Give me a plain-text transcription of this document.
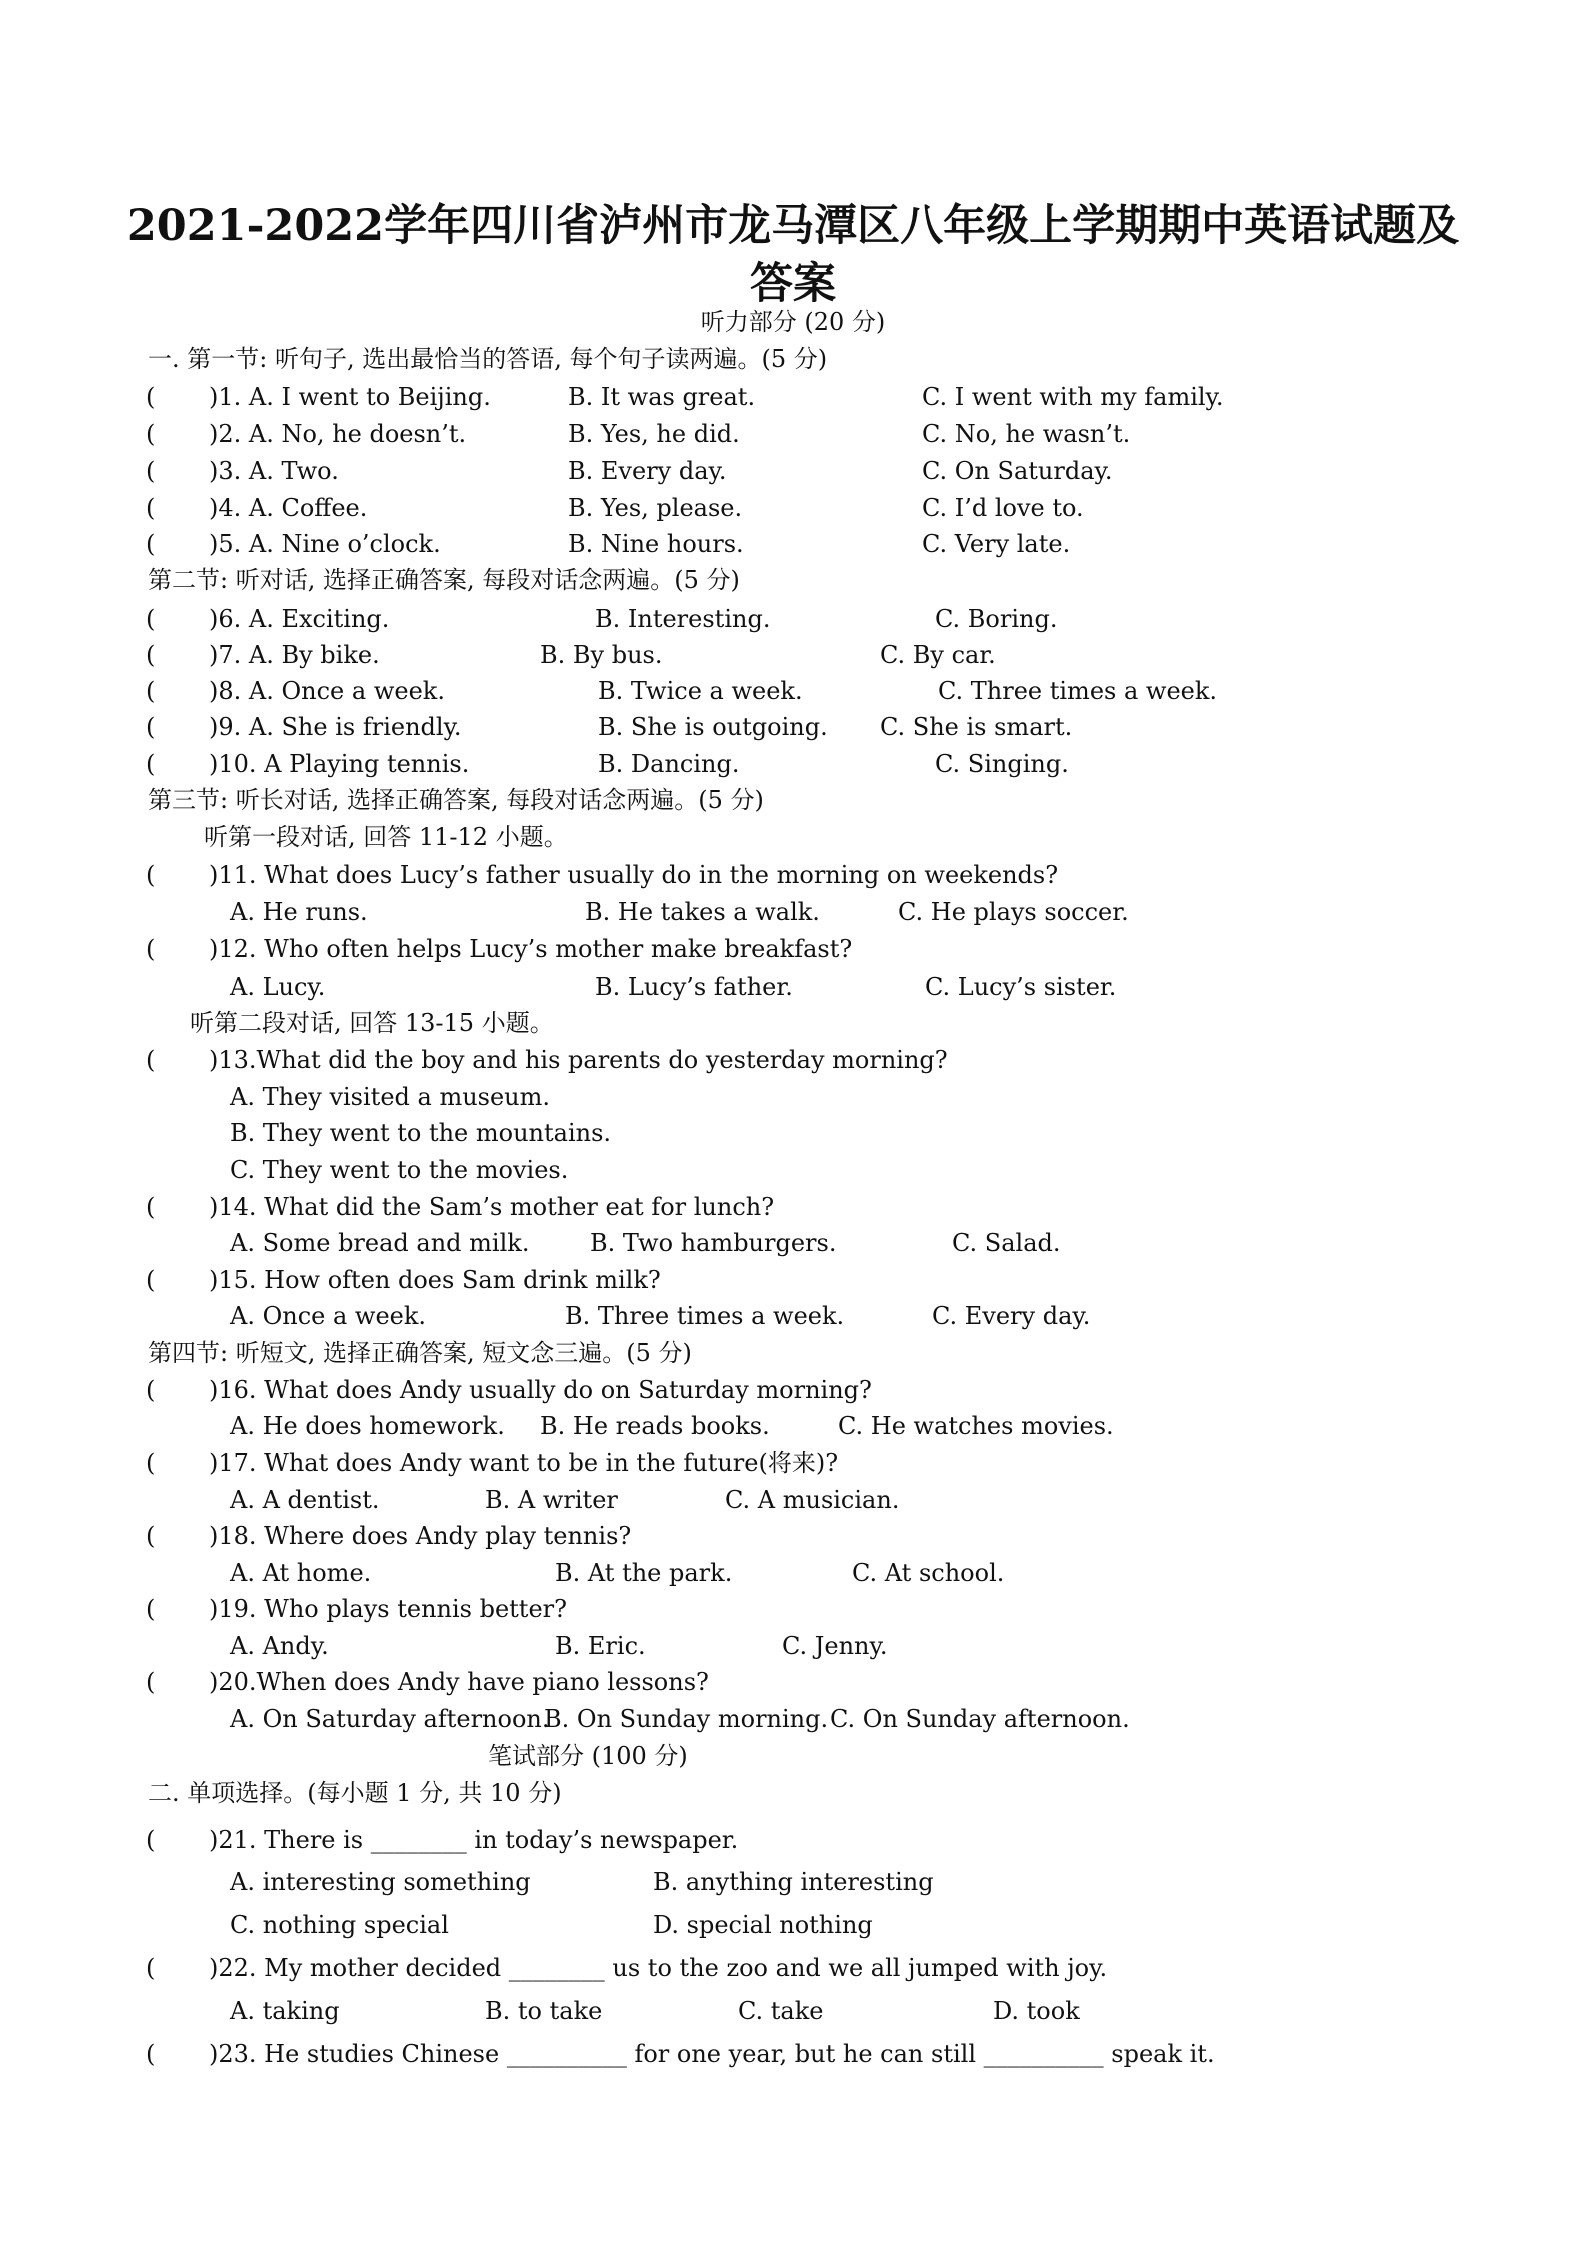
2021-2022学年四川省泸州市龙马潭区八年级上学期期中英语试题及
答案
听力部分 (20 分)
一. 第一节: 听句子, 选出最恰当的答语, 每个句子读两遍。(5 分)
( )1. A. I went to Beijing.	B. It was great.	C. I went with my family.
( )2. A. No, he doesn’t.	B. Yes, he did.	C. No, he wasn’t.
( )3. A. Two.	B. Every day.	C. On Saturday.
( )4. A. Coffee.	B. Yes, please.	C. I’d love to.
( )5. A. Nine o’clock.	B. Nine hours.	C. Very late.
第二节: 听对话, 选择正确答案, 每段对话念两遍。(5 分)
( )6. A. Exciting.	B. Interesting.	C. Boring.
( )7. A. By bike.	B. By bus.	C. By car.
( )8. A. Once a week.	B. Twice a week.	C. Three times a week.
( )9. A. She is friendly.	B. She is outgoing. C. She is smart.
( )10. A Playing tennis.	B. Dancing.	C. Singing.
第三节: 听长对话, 选择正确答案, 每段对话念两遍。(5 分)
听第一段对话, 回答 11-12 小题。
( )11. What does Lucy’s father usually do in the morning on weekends?
A. He runs.	B. He takes a walk.	C. He plays soccer.
( )12. Who often helps Lucy’s mother make breakfast?
A. Lucy.	B. Lucy’s father.	C. Lucy’s sister.
听第二段对话, 回答 13-15 小题。
( )13.What did the boy and his parents do yesterday morning?
A. They visited a museum.
B. They went to the mountains.
C. They went to the movies.
( )14. What did the Sam’s mother eat for lunch?
A. Some bread and milk.	B. Two hamburgers.	C. Salad.
( )15. How often does Sam drink milk?
A. Once a week.	B. Three times a week.	C. Every day.
第四节: 听短文, 选择正确答案, 短文念三遍。(5 分)
( )16. What does Andy usually do on Saturday morning?
A. He does homework. B. He reads books.	C. He watches movies.
( )17. What does Andy want to be in the future(将来)?
A. A dentist.	B. A writer	C. A musician.
( )18. Where does Andy play tennis?
A. At home.	B. At the park.	C. At school.
( )19. Who plays tennis better?
A. Andy.	B. Eric.	C. Jenny.
( )20.When does Andy have piano lessons?
A. On Saturday afternoon.
B. On Sunday morning. C. On Sunday afternoon.
笔试部分 (100 分)
二. 单项选择。(每小题 1 分, 共 10 分)
( )21. There is ________ in today’s newspaper.
A. interesting something	B. anything interesting
C. nothing special	D. special nothing
( )22. My mother decided ________ us to the zoo and we all jumped with joy.
A. taking	B. to take	C. take	D. took
( )23. He studies Chinese __________ for one year, but he can still __________ speak it.
